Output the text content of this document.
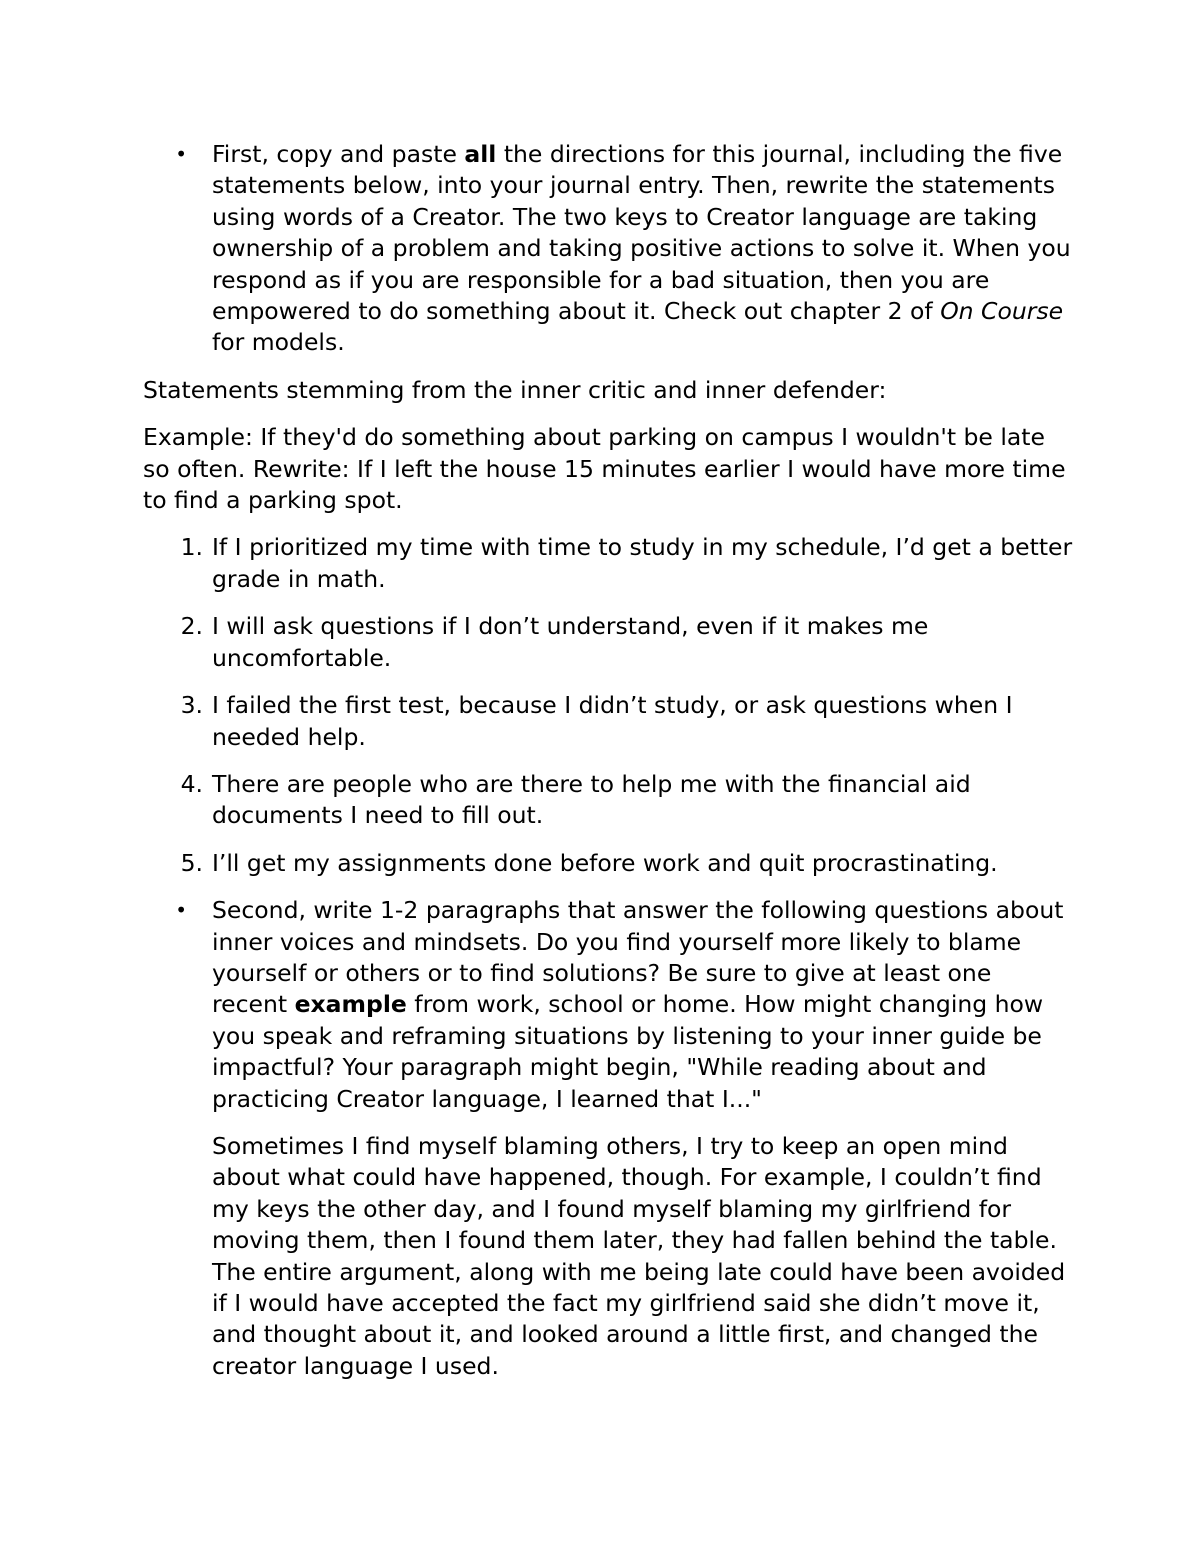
• First, copy and paste all the directions for this journal, including the five statements below, into your journal entry. Then, rewrite the statements using words of a Creator. The two keys to Creator language are taking ownership of a problem and taking positive actions to solve it. When you respond as if you are responsible for a bad situation, then you are empowered to do something about it. Check out chapter 2 of On Course for models.

Statements stemming from the inner critic and inner defender:

Example: If they'd do something about parking on campus I wouldn't be late so often. Rewrite: If I left the house 15 minutes earlier I would have more time to find a parking spot.

1. If I prioritized my time with time to study in my schedule, I’d get a better grade in math.
2. I will ask questions if I don’t understand, even if it makes me uncomfortable.
3. I failed the first test, because I didn’t study, or ask questions when I needed help.
4. There are people who are there to help me with the financial aid documents I need to fill out.
5. I’ll get my assignments done before work and quit procrastinating.
• Second, write 1-2 paragraphs that answer the following questions about inner voices and mindsets. Do you find yourself more likely to blame yourself or others or to find solutions? Be sure to give at least one recent example from work, school or home. How might changing how you speak and reframing situations by listening to your inner guide be impactful? Your paragraph might begin, "While reading about and practicing Creator language, I learned that I..."

Sometimes I find myself blaming others, I try to keep an open mind about what could have happened, though. For example, I couldn’t find my keys the other day, and I found myself blaming my girlfriend for moving them, then I found them later, they had fallen behind the table. The entire argument, along with me being late could have been avoided if I would have accepted the fact my girlfriend said she didn’t move it, and thought about it, and looked around a little first, and changed the creator language I used.
